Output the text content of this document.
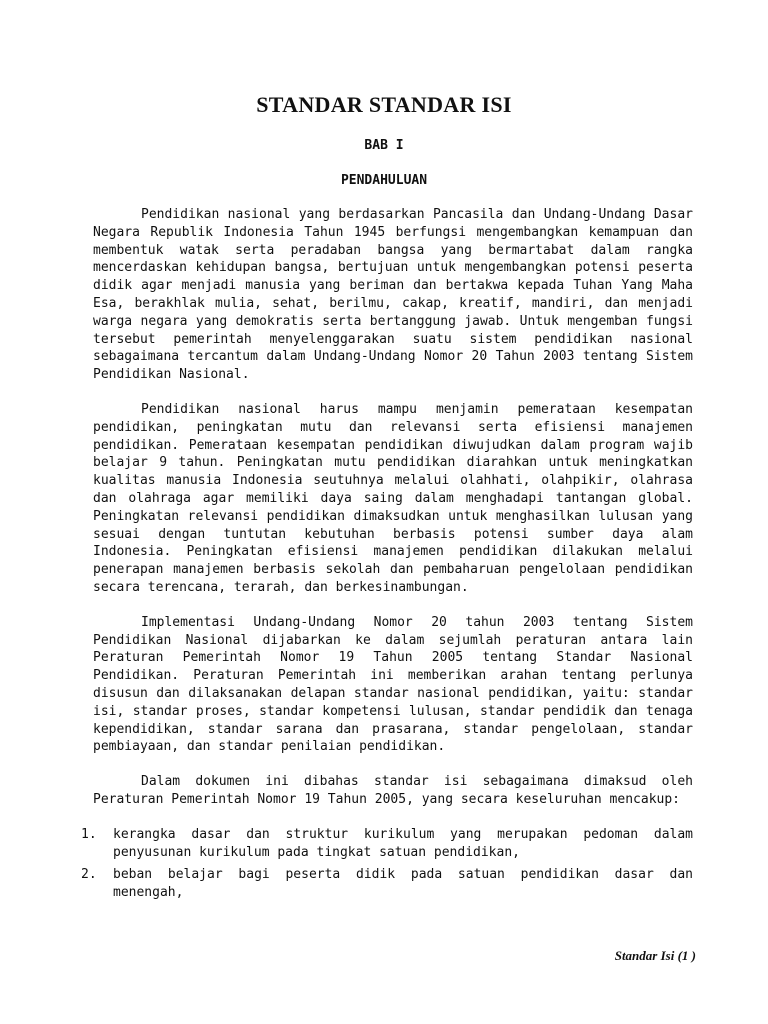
STANDAR STANDAR ISI
BAB I
PENDAHULUAN

Pendidikan nasional yang berdasarkan Pancasila dan Undang-Undang Dasar Negara Republik Indonesia Tahun 1945 berfungsi mengembangkan kemampuan dan membentuk watak serta peradaban bangsa yang bermartabat dalam rangka mencerdaskan kehidupan bangsa, bertujuan untuk mengembangkan potensi peserta didik agar menjadi manusia yang beriman dan bertakwa kepada Tuhan Yang Maha Esa, berakhlak mulia, sehat, berilmu, cakap, kreatif, mandiri, dan menjadi warga negara yang demokratis serta bertanggung jawab. Untuk mengemban fungsi tersebut pemerintah menyelenggarakan suatu sistem pendidikan nasional sebagaimana tercantum dalam Undang-Undang Nomor 20 Tahun 2003 tentang Sistem Pendidikan Nasional.

Pendidikan nasional harus mampu menjamin pemerataan kesempatan pendidikan, peningkatan mutu dan relevansi serta efisiensi manajemen pendidikan. Pemerataan kesempatan pendidikan diwujudkan dalam program wajib belajar 9 tahun. Peningkatan mutu pendidikan diarahkan untuk meningkatkan kualitas manusia Indonesia seutuhnya melalui olahhati, olahpikir, olahrasa dan olahraga agar memiliki daya saing dalam menghadapi tantangan global. Peningkatan relevansi pendidikan dimaksudkan untuk menghasilkan lulusan yang sesuai dengan tuntutan kebutuhan berbasis potensi sumber daya alam Indonesia. Peningkatan efisiensi manajemen pendidikan dilakukan melalui penerapan manajemen berbasis sekolah dan pembaharuan pengelolaan pendidikan secara terencana, terarah, dan berkesinambungan.

Implementasi Undang-Undang Nomor 20 tahun 2003 tentang Sistem Pendidikan Nasional dijabarkan ke dalam sejumlah peraturan antara lain Peraturan Pemerintah Nomor 19 Tahun 2005 tentang Standar Nasional Pendidikan. Peraturan Pemerintah ini memberikan arahan tentang perlunya disusun dan dilaksanakan delapan standar nasional pendidikan, yaitu: standar isi, standar proses, standar kompetensi lulusan, standar pendidik dan tenaga kependidikan, standar sarana dan prasarana, standar pengelolaan, standar pembiayaan, dan standar penilaian pendidikan.

Dalam dokumen ini dibahas standar isi sebagaimana dimaksud oleh Peraturan Pemerintah Nomor 19 Tahun 2005, yang secara keseluruhan mencakup:

1. kerangka dasar dan struktur kurikulum yang merupakan pedoman dalam penyusunan kurikulum pada tingkat satuan pendidikan,
2. beban belajar bagi peserta didik pada satuan pendidikan dasar dan menengah,
Standar Isi (1 )
